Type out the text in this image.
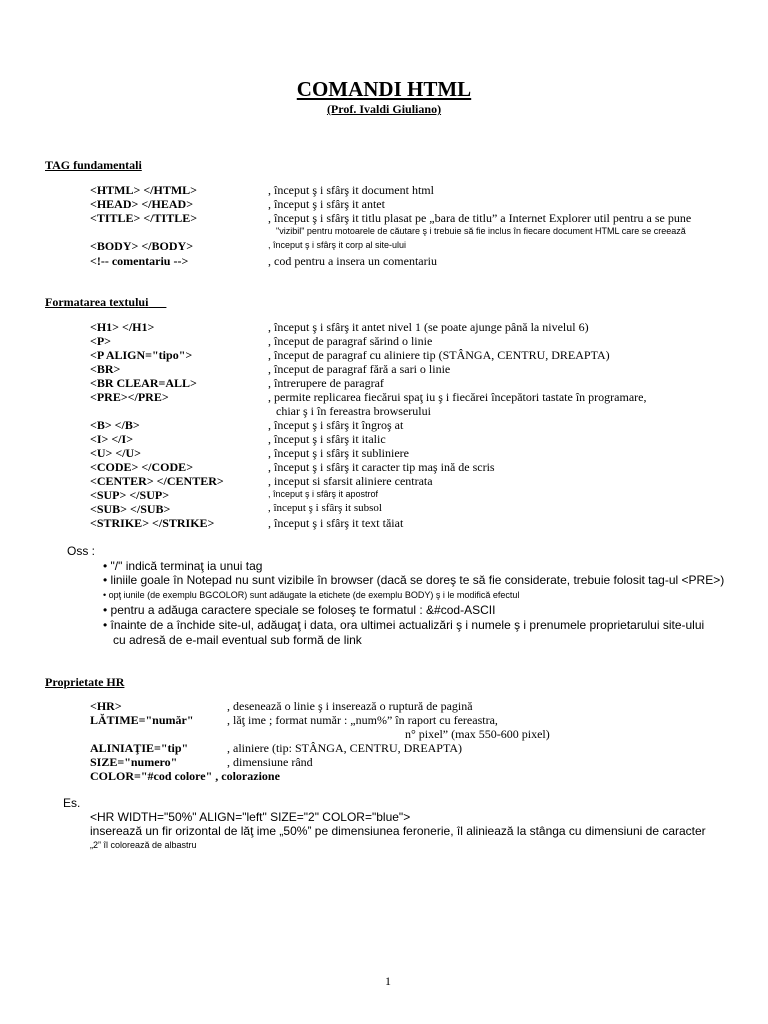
COMANDI HTML
(Prof. Ivaldi Giuliano)
TAG fundamentali
<HTML> </HTML>	, început ş i sfârş it document html
<HEAD> </HEAD>	, început ş i sfârş it antet
<TITLE> </TITLE>	, început ş i sfârş it titlu plasat pe „bara de titlu” a Internet Explorer util pentru a se pune
"vizibil" pentru motoarele de căutare ş i trebuie să fie inclus în fiecare document HTML care se creează
<BODY> </BODY>	, început ş i sfârş it corp al site-ului
<!-- comentariu -->	, cod pentru a insera un comentariu
Formatarea textului
<H1> </H1>	, început ş i sfârş it antet nivel 1 (se poate ajunge până la nivelul 6)
<P>	, început de paragraf sărind o linie
<P ALIGN="tipo">	, început de paragraf cu aliniere tip (STÂNGA, CENTRU, DREAPTA)
<BR>	, început de paragraf fără a sari o linie
<BR CLEAR=ALL>	, întrerupere de paragraf
<PRE></PRE>	, permite replicarea fiecărui spaţ iu ş i fiecărei începători tastate în programare,
chiar ş i în fereastra browserului
<B> </B>	, început ş i sfârş it îngroş at
<I> </I>	, început ş i sfârş it italic
<U> </U>	, început ş i sfârş it subliniere
<CODE> </CODE>	, început ş i sfârş it caracter tip maş ină de scris
<CENTER> </CENTER>	, inceput si sfarsit aliniere centrata
<SUP> </SUP>	, început ş i sfârş it apostrof
<SUB> </SUB>	, început ş i sfârş it subsol
<STRIKE> </STRIKE>	, început ş i sfârş it text tăiat
Oss :
• "/" indică terminaţ ia unui tag
• liniile goale în Notepad nu sunt vizibile în browser (dacă se doreş te să fie considerate, trebuie folosit tag-ul <PRE>)
• opţ iunile (de exemplu BGCOLOR) sunt adăugate la etichete (de exemplu BODY) ş i le modifică efectul
• pentru a adăuga caractere speciale se foloseş te formatul : &#cod-ASCII
• înainte de a închide site-ul, adăugaţ i data, ora ultimei actualizări ş i numele ş i prenumele proprietarului site-ului
cu adresă de e-mail eventual sub formă de link
Proprietate HR
<HR>	, desenează o linie ş i inserează o ruptură de pagină
LĂTIME="număr"	, lăţ ime ; format număr : „num%” în raport cu fereastra,
n° pixel” (max 550-600 pixel)
ALINIAŢIE="tip"	, aliniere (tip: STÂNGA, CENTRU, DREAPTA)
SIZE="numero"	, dimensiune rând
COLOR="#cod colore" , colorazione
Es.
<HR WIDTH="50%" ALIGN="left" SIZE="2" COLOR="blue">
inserează un fir orizontal de lăţ ime „50%” pe dimensiunea feronerie, îl aliniează la stânga cu dimensiuni de caracter
„2” îl colorează de albastru
1
